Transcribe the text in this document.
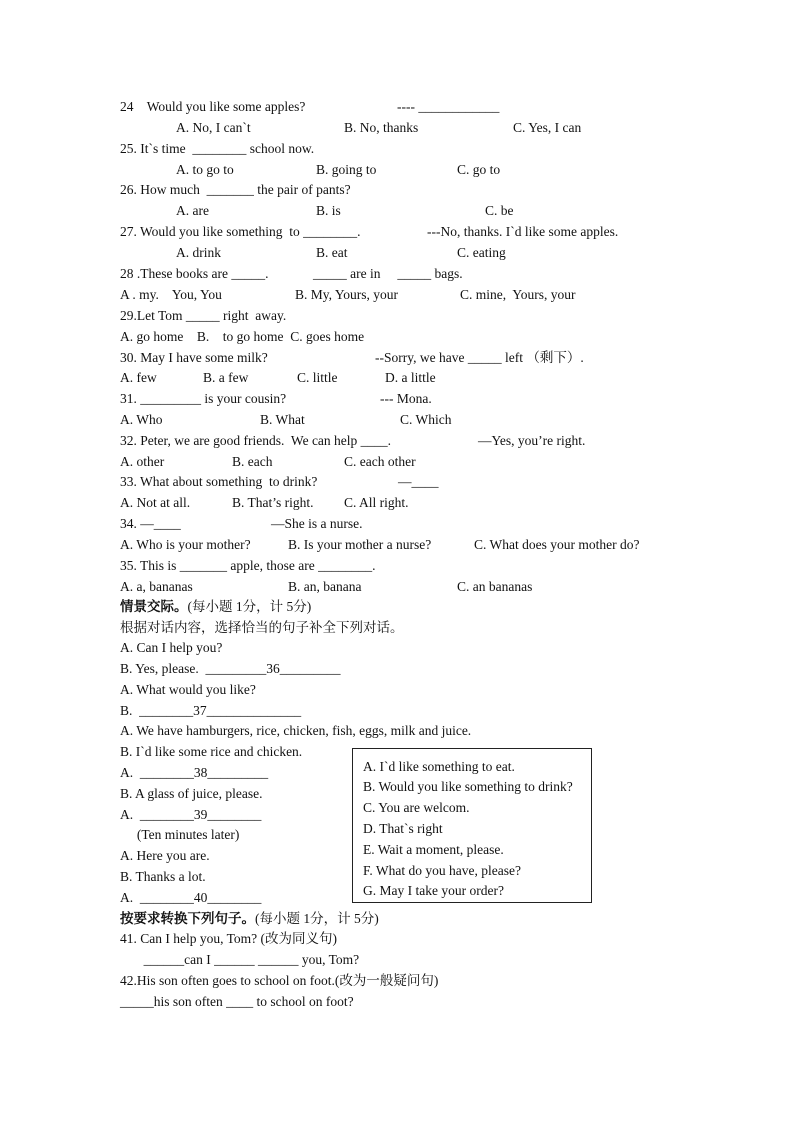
24    Would you like some apples?	---- ____________
A. No, I can`t	B. No, thanks	C. Yes, I can
25. It`s time  ________ school now.
A. to go to	B. going to	C. go to
26. How much  _______ the pair of pants?
A. are	B. is	C. be
27. Would you like something  to ________.	---No, thanks. I`d like some apples.
A. drink	B. eat	C. eating
28 .These books are _____.	_____ are in     _____ bags.
A . my.    You, You	B. My, Yours, your	C. mine,  Yours, your
29.Let Tom _____ right  away.
A. go home    B.    to go home  C. goes home
30. May I have some milk?	--Sorry, we have _____ left （剩下）.
A. few	B. a few	C. little	D. a little
31. _________ is your cousin?	--- Mona.
A. Who	B. What	C. Which
32. Peter, we are good friends.  We can help ____.	—Yes, you’re right.
A. other	B. each	C. each other
33. What about something  to drink?	—____
A. Not at all.	B. That’s right. C. All right.
34. —____	—She is a nurse.
A. Who is your mother?	B. Is your mother a nurse?	C. What does your mother do?
35. This is _______ apple, those are ________.
A. a, bananas	B. an, banana	C. an bananas
情景交际。(每小题 1分，计 5分)
根据对话内容，选择恰当的句子补全下列对话。
A. Can I help you?
B. Yes, please.  _________36_________
A. What would you like?
B.  ________37______________
A. We have hamburgers, rice, chicken, fish, eggs, milk and juice.
B. I`d like some rice and chicken.
A.  ________38_________
B. A glass of juice, please.
A.  ________39________
(Ten minutes later)
A. Here you are.
B. Thanks a lot.
A.  ________40________
A. I`d like something to eat.
B. Would you like something to drink?
C. You are welcom.
D. That`s right
E. Wait a moment, please.
F. What do you have, please?
G. May I take your order?
按要求转换下列句子。(每小题 1分，计 5分)
41. Can I help you, Tom? (改为同义句)
______can I ______ ______ you, Tom?
42.His son often goes to school on foot.(改为一般疑问句)
_____his son often ____ to school on foot?
